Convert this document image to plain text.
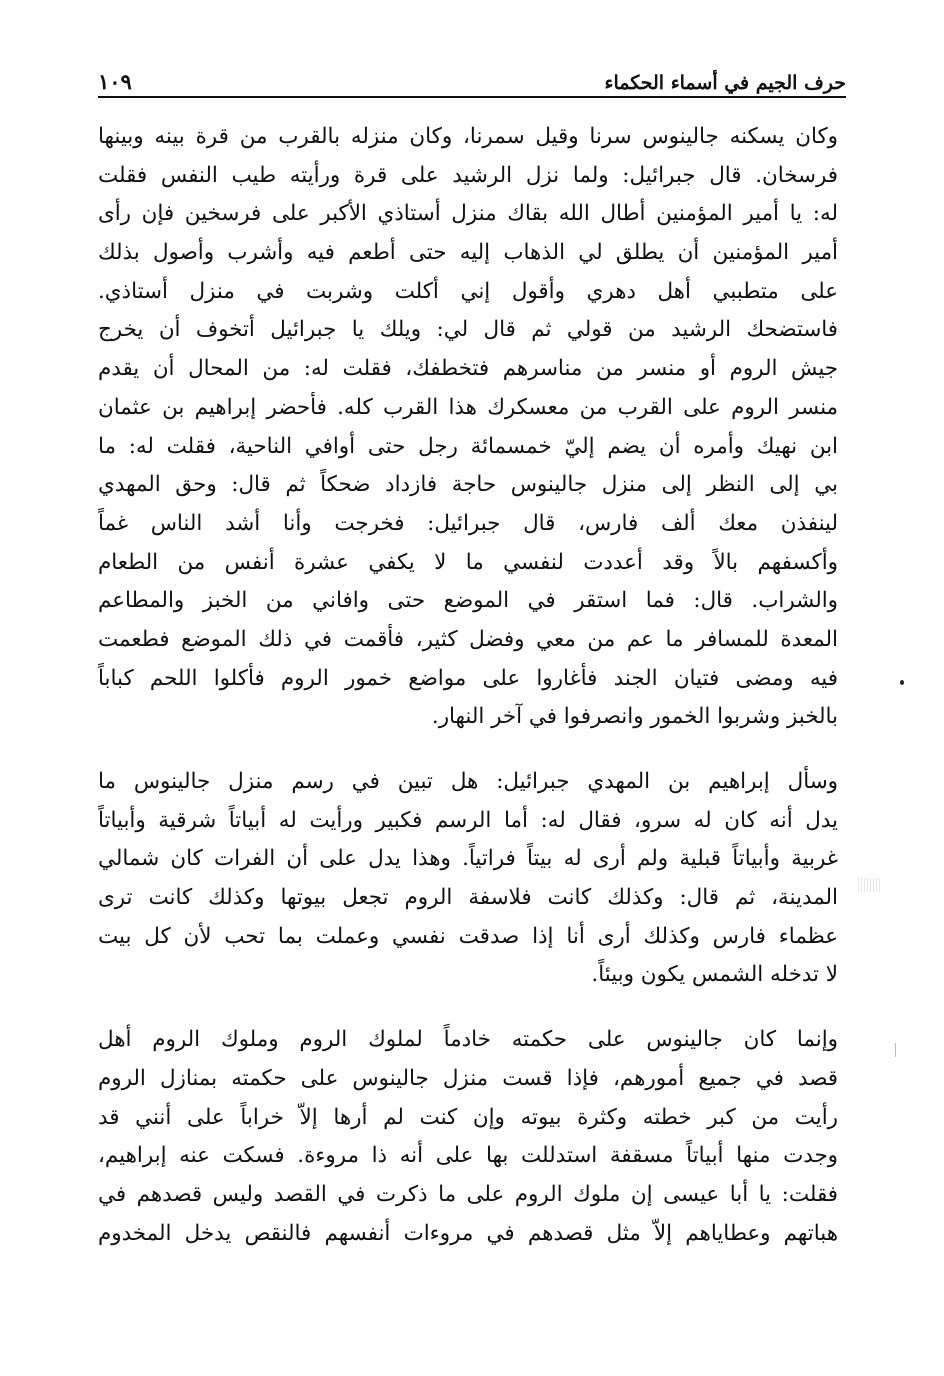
حرف الجيم في أسماء الحكماء
١٠٩
وكان يسكنه جالينوس سرنا وقيل سمرنا، وكان منزله بالقرب من قرة بينه وبينها
فرسخان. قال جبرائيل: ولما نزل الرشيد على قرة ورأيته طيب النفس فقلت
له: يا أمير المؤمنين أطال الله بقاك منزل أستاذي الأكبر على فرسخين فإن رأى
أمير المؤمنين أن يطلق لي الذهاب إليه حتى أطعم فيه وأشرب وأصول بذلك
على متطببي أهل دهري وأقول إني أكلت وشربت في منزل أستاذي.
فاستضحك الرشيد من قولي ثم قال لي: ويلك يا جبرائيل أتخوف أن يخرج
جيش الروم أو منسر من مناسرهم فتخطفك، فقلت له: من المحال أن يقدم
منسر الروم على القرب من معسكرك هذا القرب كله. فأحضر إبراهيم بن عثمان
ابن نهيك وأمره أن يضم إليّ خمسمائة رجل حتى أوافي الناحية، فقلت له: ما
بي إلى النظر إلى منزل جالينوس حاجة فازداد ضحكاً ثم قال: وحق المهدي
لينفذن معك ألف فارس، قال جبرائيل: فخرجت وأنا أشد الناس غماً
وأكسفهم بالاً وقد أعددت لنفسي ما لا يكفي عشرة أنفس من الطعام
والشراب. قال: فما استقر في الموضع حتى وافاني من الخبز والمطاعم
المعدة للمسافر ما عم من معي وفضل كثير، فأقمت في ذلك الموضع فطعمت
فيه ومضى فتيان الجند فأغاروا على مواضع خمور الروم فأكلوا اللحم كباباً
بالخبز وشربوا الخمور وانصرفوا في آخر النهار.
وسأل إبراهيم بن المهدي جبرائيل: هل تبين في رسم منزل جالينوس ما
يدل أنه كان له سرو، فقال له: أما الرسم فكبير ورأيت له أبياتاً شرقية وأبياتاً
غربية وأبياتاً قبلية ولم أرى له بيتاً فراتياً. وهذا يدل على أن الفرات كان شمالي
المدينة، ثم قال: وكذلك كانت فلاسفة الروم تجعل بيوتها وكذلك كانت ترى
عظماء فارس وكذلك أرى أنا إذا صدقت نفسي وعملت بما تحب لأن كل بيت
لا تدخله الشمس يكون وبيئاً.
وإنما كان جالينوس على حكمته خادماً لملوك الروم وملوك الروم أهل
قصد في جميع أمورهم، فإذا قست منزل جالينوس على حكمته بمنازل الروم
رأيت من كبر خطته وكثرة بيوته وإن كنت لم أرها إلاّ خراباً على أنني قد
وجدت منها أبياتاً مسقفة استدللت بها على أنه ذا مروءة. فسكت عنه إبراهيم،
فقلت: يا أبا عيسى إن ملوك الروم على ما ذكرت في القصد وليس قصدهم في
هباتهم وعطاياهم إلاّ مثل قصدهم في مروءات أنفسهم فالنقص يدخل المخدوم
